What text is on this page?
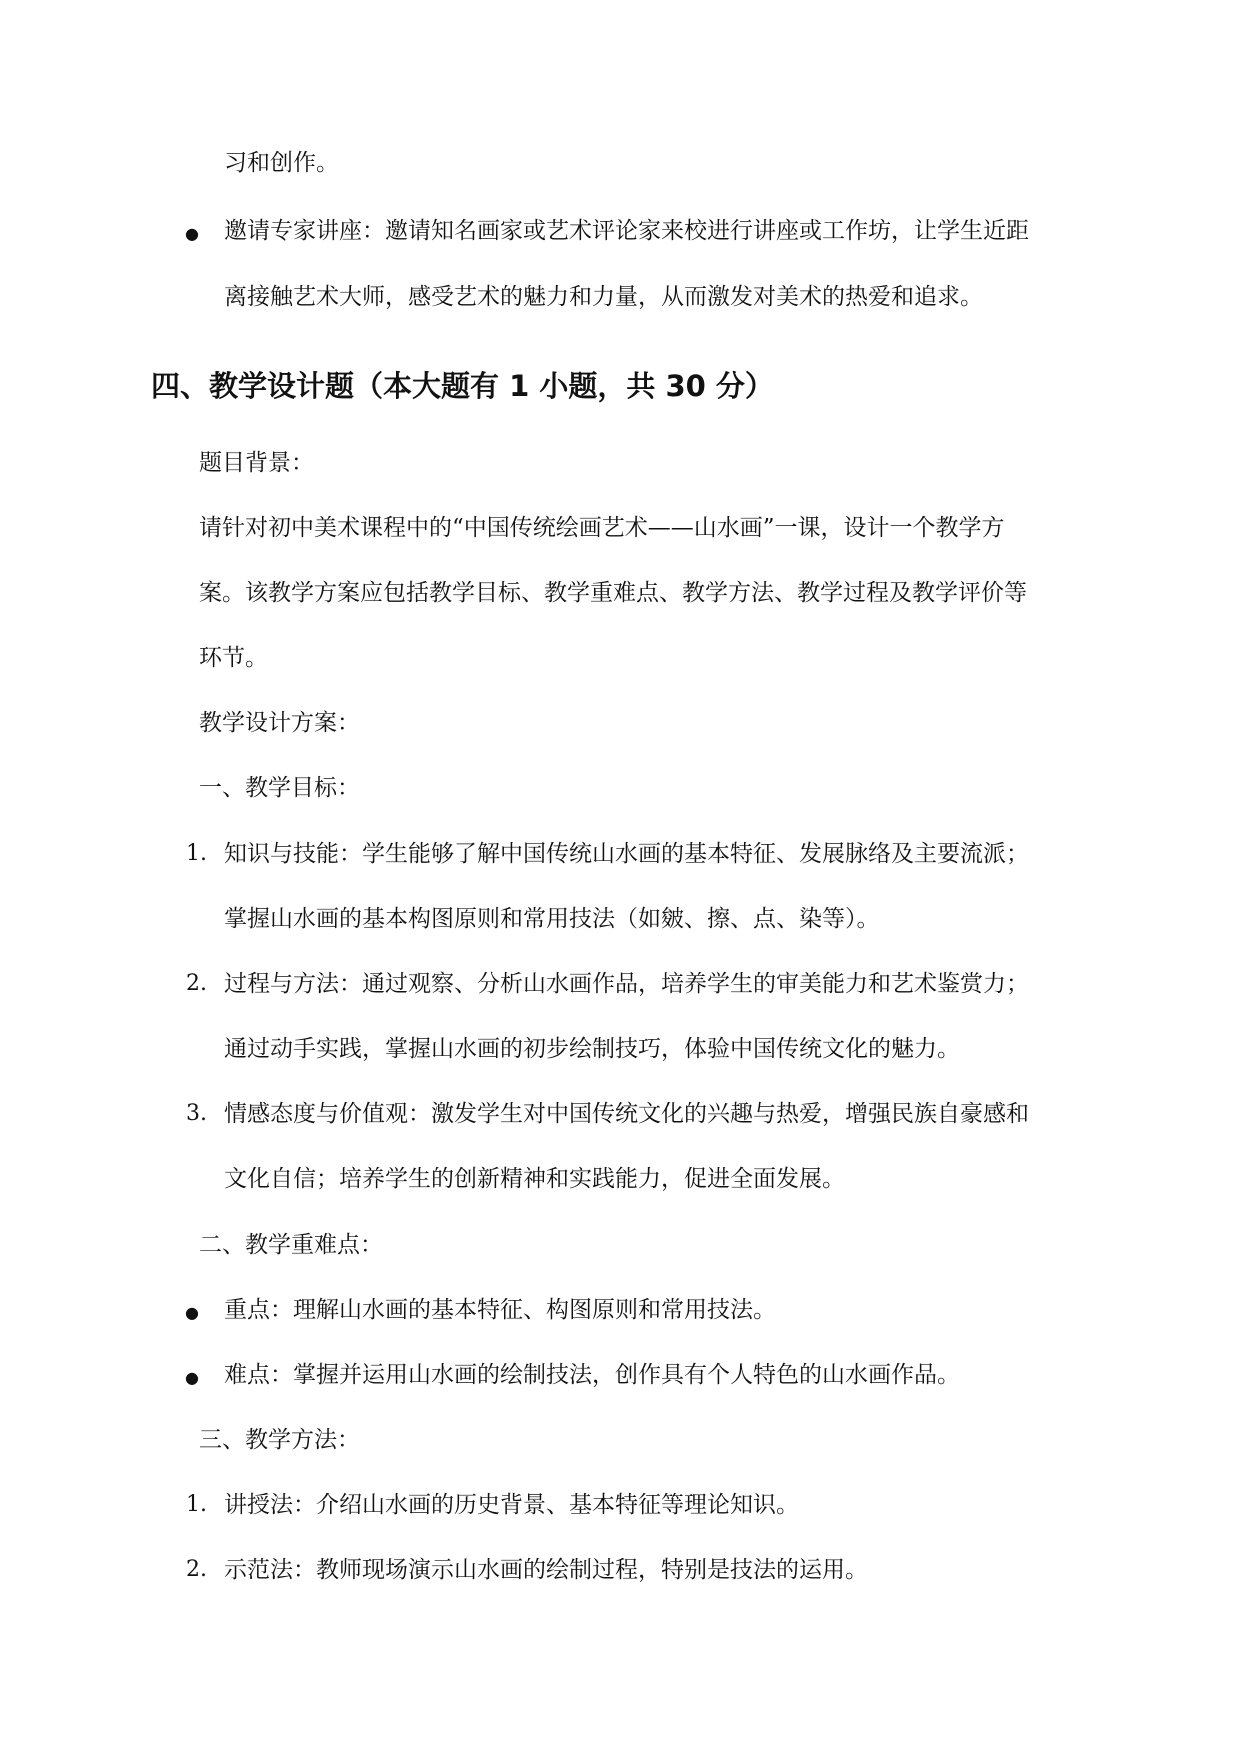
习和创作。
● 邀请专家讲座：邀请知名画家或艺术评论家来校进行讲座或工作坊，让学生近距
离接触艺术大师，感受艺术的魅力和力量，从而激发对美术的热爱和追求。
四、教学设计题（本大题有 1 小题，共 30 分）
题目背景：
请针对初中美术课程中的“中国传统绘画艺术——山水画”一课，设计一个教学方
案。该教学方案应包括教学目标、教学重难点、教学方法、教学过程及教学评价等
环节。
教学设计方案：
一、教学目标：
1. 知识与技能：学生能够了解中国传统山水画的基本特征、发展脉络及主要流派；
掌握山水画的基本构图原则和常用技法（如皴、擦、点、染等）。
2. 过程与方法：通过观察、分析山水画作品，培养学生的审美能力和艺术鉴赏力；
通过动手实践，掌握山水画的初步绘制技巧，体验中国传统文化的魅力。
3. 情感态度与价值观：激发学生对中国传统文化的兴趣与热爱，增强民族自豪感和
文化自信；培养学生的创新精神和实践能力，促进全面发展。
二、教学重难点：
● 重点：理解山水画的基本特征、构图原则和常用技法。
● 难点：掌握并运用山水画的绘制技法，创作具有个人特色的山水画作品。
三、教学方法：
1. 讲授法：介绍山水画的历史背景、基本特征等理论知识。
2. 示范法：教师现场演示山水画的绘制过程，特别是技法的运用。
